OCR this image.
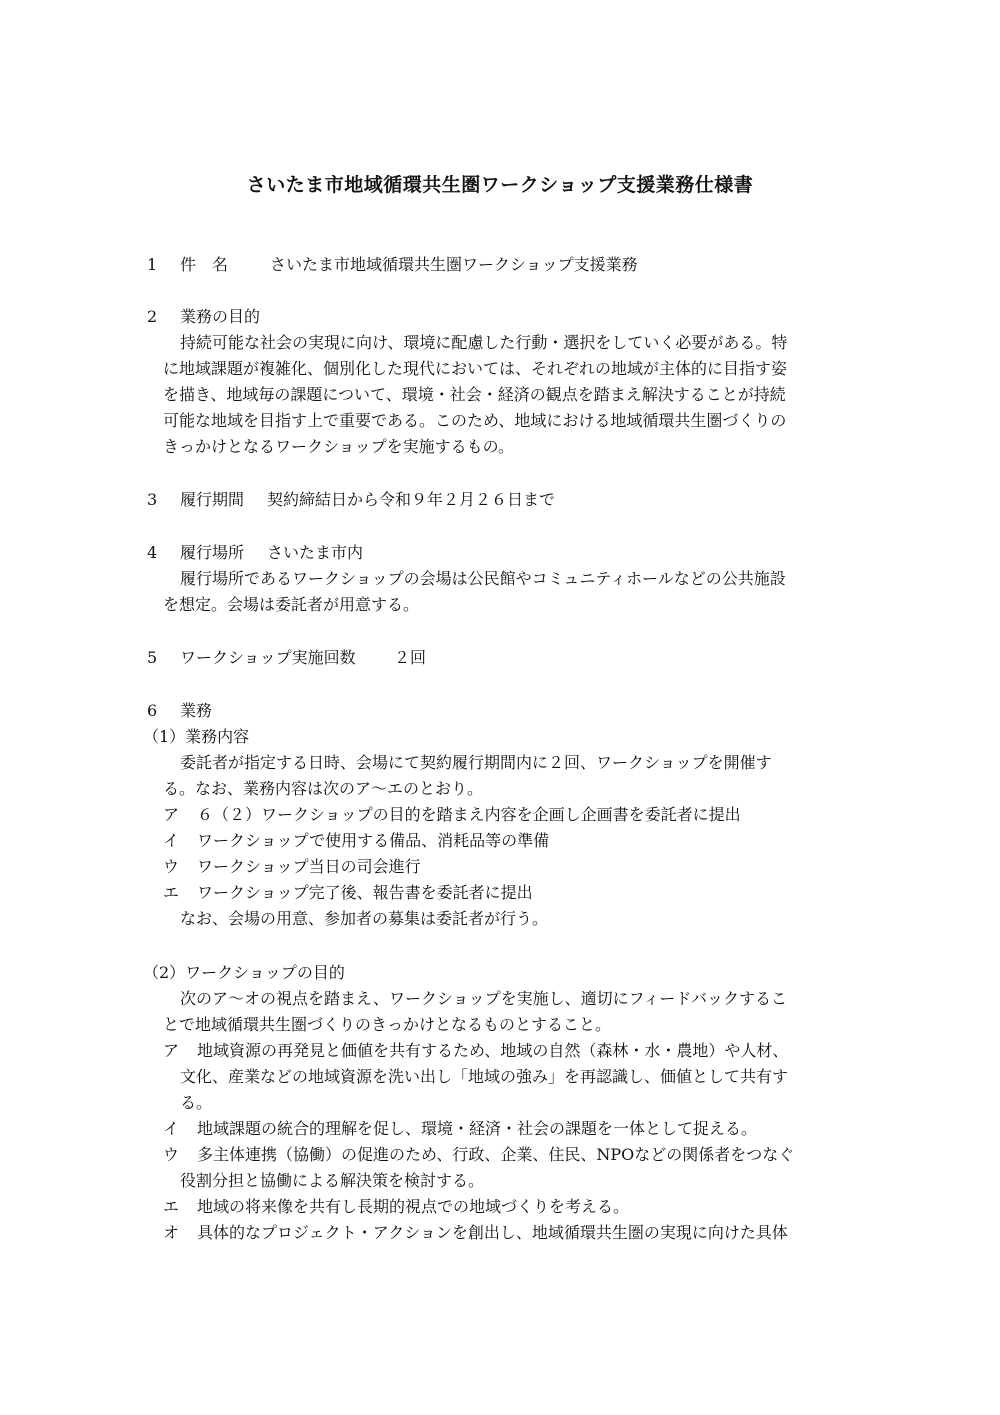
さいたま市地域循環共生圏ワークショップ支援業務仕様書
1 件　名	さいたま市地域循環共生圏ワークショップ支援業務
2 業務の目的
持続可能な社会の実現に向け、環境に配慮した行動・選択をしていく必要がある。特
に地域課題が複雑化、個別化した現代においては、それぞれの地域が主体的に目指す姿
を描き、地域毎の課題について、環境・社会・経済の観点を踏まえ解決することが持続
可能な地域を目指す上で重要である。このため、地域における地域循環共生圏づくりの
きっかけとなるワークショップを実施するもの。
3 履行期間 契約締結日から令和９年２月２６日まで
4 履行場所 さいたま市内
履行場所であるワークショップの会場は公民館やコミュニティホールなどの公共施設
を想定。会場は委託者が用意する。
5 ワークショップ実施回数 ２回
6 業務
（1）業務内容
委託者が指定する日時、会場にて契約履行期間内に２回、ワークショップを開催す
る。なお、業務内容は次のア～エのとおり。
ア ６（２）ワークショップの目的を踏まえ内容を企画し企画書を委託者に提出
イ ワークショップで使用する備品、消耗品等の準備
ウ ワークショップ当日の司会進行
エ ワークショップ完了後、報告書を委託者に提出
なお、会場の用意、参加者の募集は委託者が行う。
（2）ワークショップの目的
次のア～オの視点を踏まえ、ワークショップを実施し、適切にフィードバックするこ
とで地域循環共生圏づくりのきっかけとなるものとすること。
ア 地域資源の再発見と価値を共有するため、地域の自然（森林・水・農地）や人材、
文化、産業などの地域資源を洗い出し「地域の強み」を再認識し、価値として共有す
る。
イ 地域課題の統合的理解を促し、環境・経済・社会の課題を一体として捉える。
ウ 多主体連携（協働）の促進のため、行政、企業、住民、NPOなどの関係者をつなぐ
役割分担と協働による解決策を検討する。
エ 地域の将来像を共有し長期的視点での地域づくりを考える。
オ 具体的なプロジェクト・アクションを創出し、地域循環共生圏の実現に向けた具体
